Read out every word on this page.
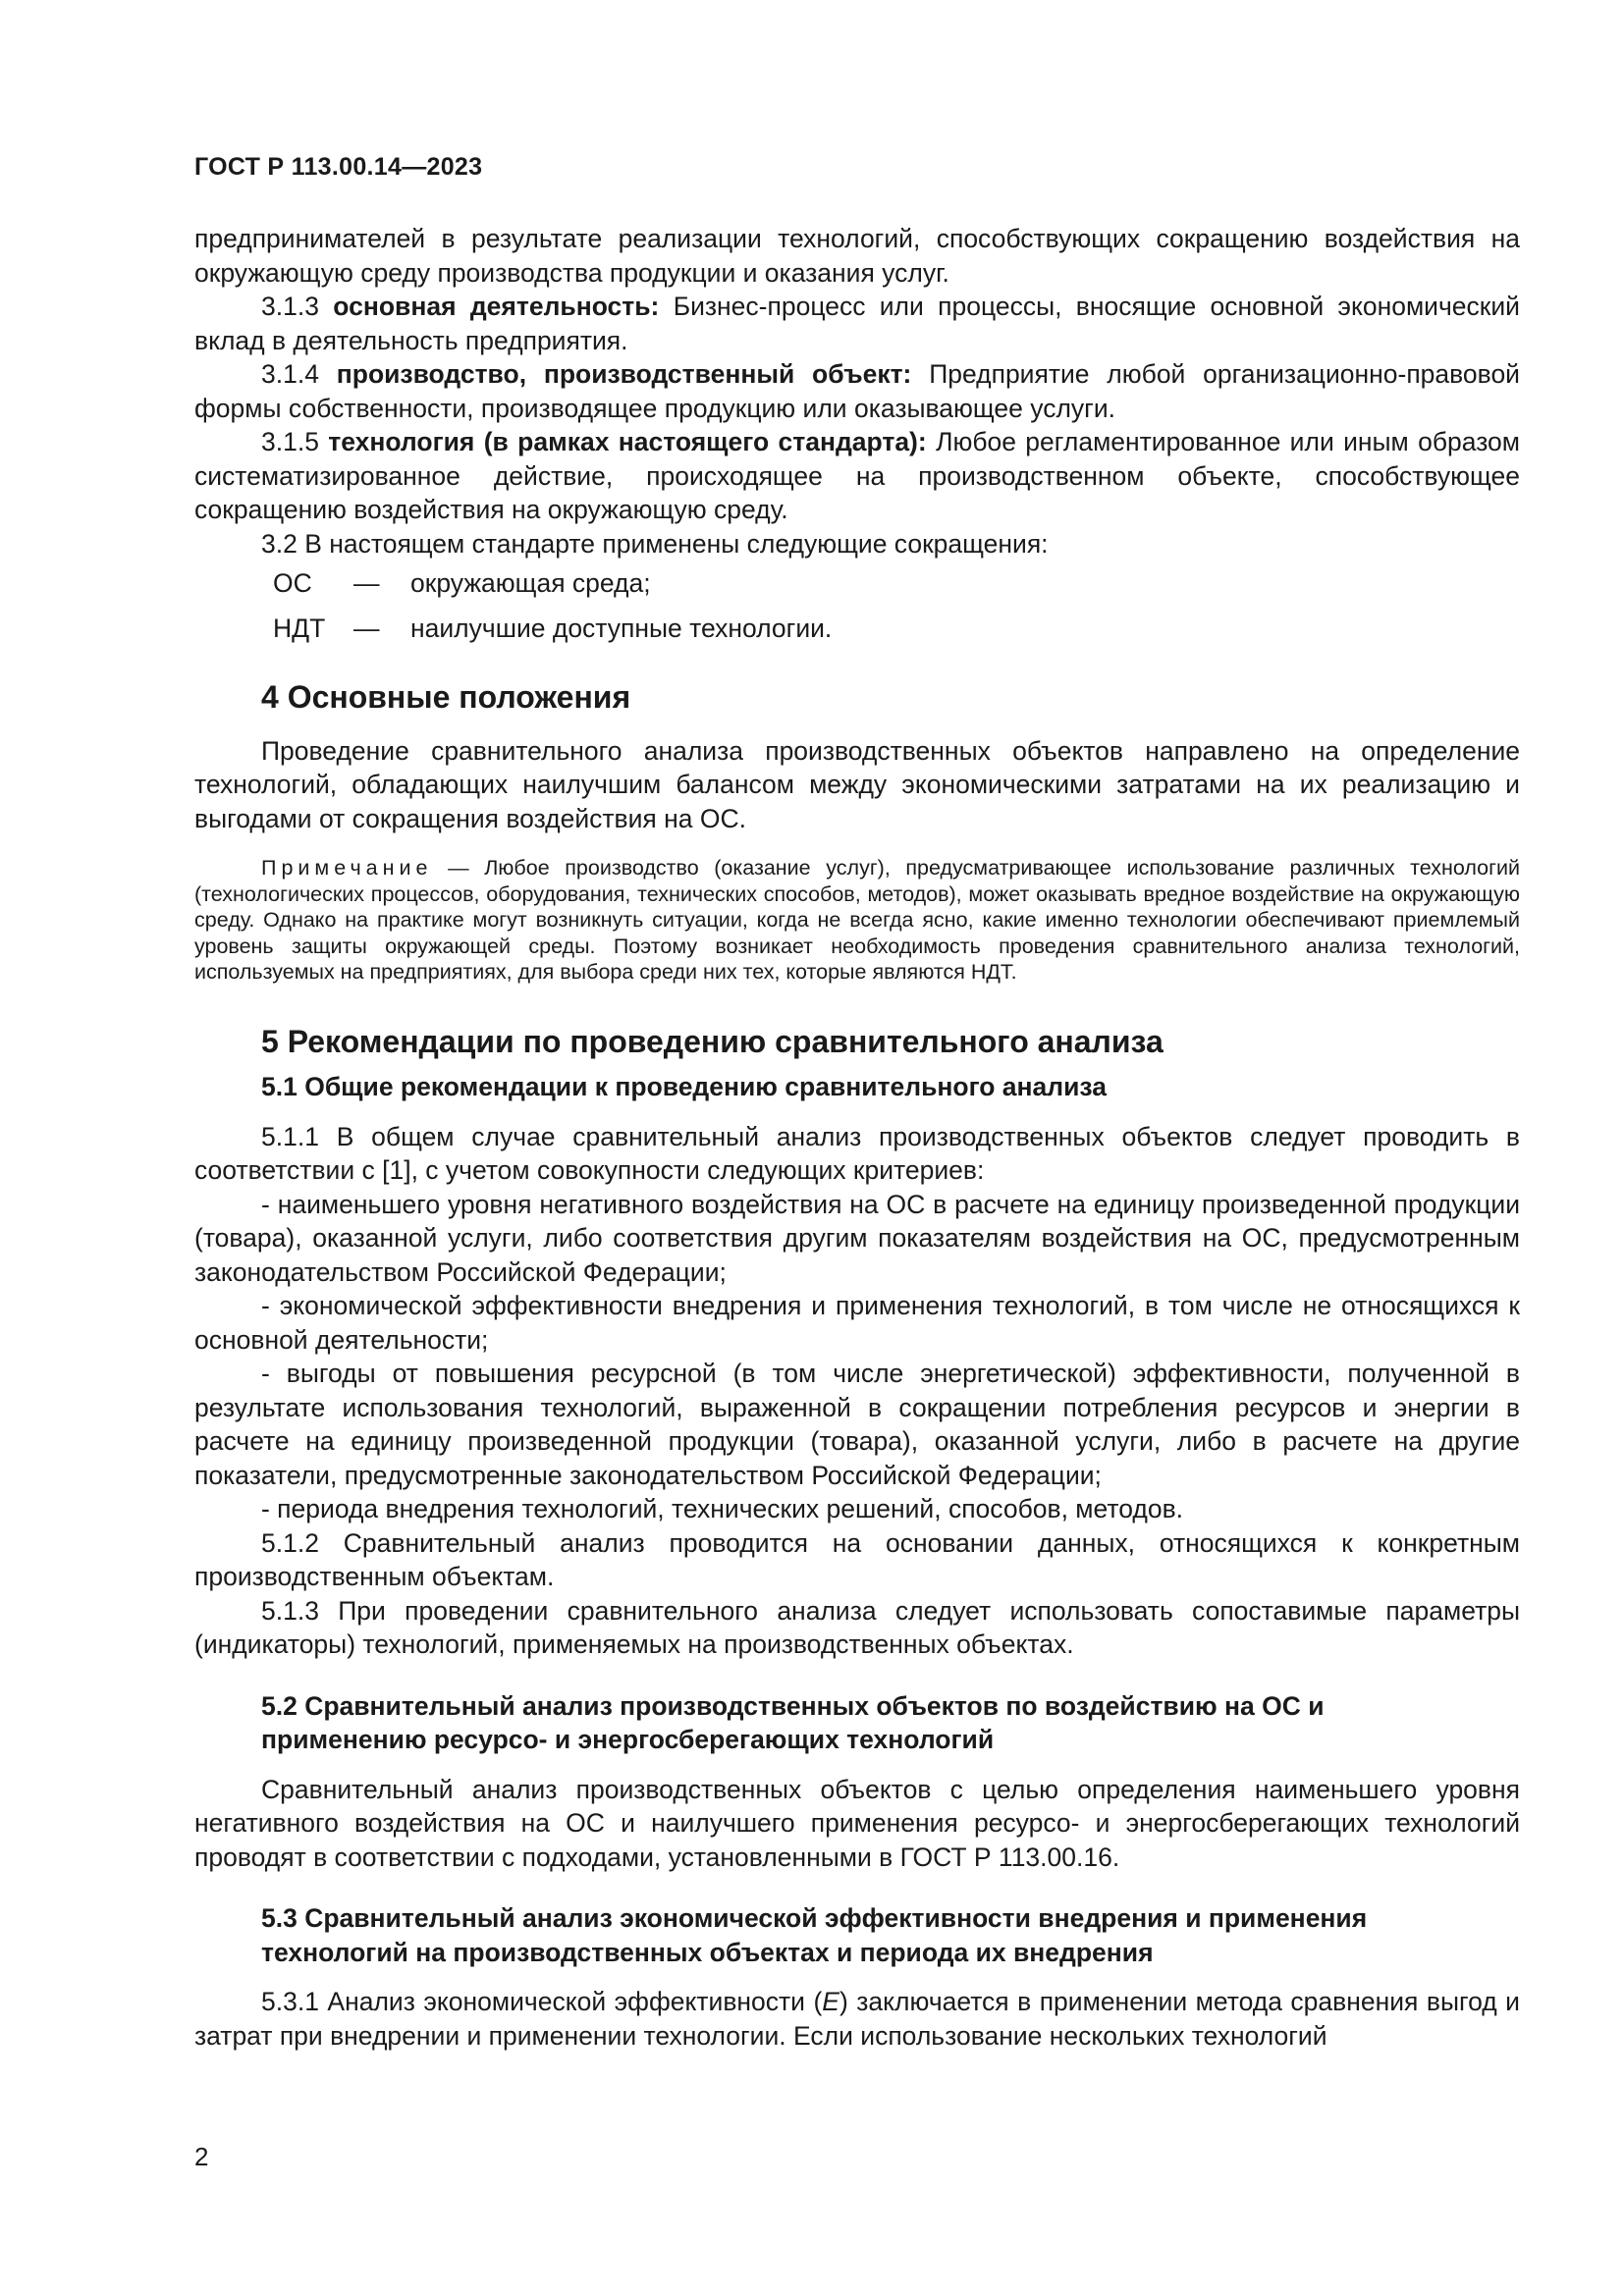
ГОСТ Р 113.00.14—2023

предпринимателей в результате реализации технологий, способствующих сокращению воздействия на окружающую среду производства продукции и оказания услуг.

3.1.3 основная деятельность: Бизнес-процесс или процессы, вносящие основной экономический вклад в деятельность предприятия.

3.1.4 производство, производственный объект: Предприятие любой организационно-правовой формы собственности, производящее продукцию или оказывающее услуги.

3.1.5 технология (в рамках настоящего стандарта): Любое регламентированное или иным образом систематизированное действие, происходящее на производственном объекте, способствующее сокращению воздействия на окружающую среду.

3.2 В настоящем стандарте применены следующие сокращения:

ОС	—	окружающая среда;
НДТ	—	наилучшие доступные технологии.
4 Основные положения

Проведение сравнительного анализа производственных объектов направлено на определение технологий, обладающих наилучшим балансом между экономическими затратами на их реализацию и выгодами от сокращения воздействия на ОС.

Примечание — Любое производство (оказание услуг), предусматривающее использование различных технологий (технологических процессов, оборудования, технических способов, методов), может оказывать вредное воздействие на окружающую среду. Однако на практике могут возникнуть ситуации, когда не всегда ясно, какие именно технологии обеспечивают приемлемый уровень защиты окружающей среды. Поэтому возникает необходимость проведения сравнительного анализа технологий, используемых на предприятиях, для выбора среди них тех, которые являются НДТ.

5 Рекомендации по проведению сравнительного анализа
5.1 Общие рекомендации к проведению сравнительного анализа

5.1.1 В общем случае сравнительный анализ производственных объектов следует проводить в соответствии с [1], с учетом совокупности следующих критериев:

- наименьшего уровня негативного воздействия на ОС в расчете на единицу произведенной продукции (товара), оказанной услуги, либо соответствия другим показателям воздействия на ОС, предусмотренным законодательством Российской Федерации;

- экономической эффективности внедрения и применения технологий, в том числе не относящихся к основной деятельности;

- выгоды от повышения ресурсной (в том числе энергетической) эффективности, полученной в результате использования технологий, выраженной в сокращении потребления ресурсов и энергии в расчете на единицу произведенной продукции (товара), оказанной услуги, либо в расчете на другие показатели, предусмотренные законодательством Российской Федерации;

- периода внедрения технологий, технических решений, способов, методов.

5.1.2 Сравнительный анализ проводится на основании данных, относящихся к конкретным производственным объектам.

5.1.3 При проведении сравнительного анализа следует использовать сопоставимые параметры (индикаторы) технологий, применяемых на производственных объектах.

5.2 Сравнительный анализ производственных объектов по воздействию на ОС и применению ресурсо- и энергосберегающих технологий

Сравнительный анализ производственных объектов с целью определения наименьшего уровня негативного воздействия на ОС и наилучшего применения ресурсо- и энергосберегающих технологий проводят в соответствии с подходами, установленными в ГОСТ Р 113.00.16.

5.3 Сравнительный анализ экономической эффективности внедрения и применения технологий на производственных объектах и периода их внедрения

5.3.1 Анализ экономической эффективности (E) заключается в применении метода сравнения выгод и затрат при внедрении и применении технологии. Если использование нескольких технологий

2
